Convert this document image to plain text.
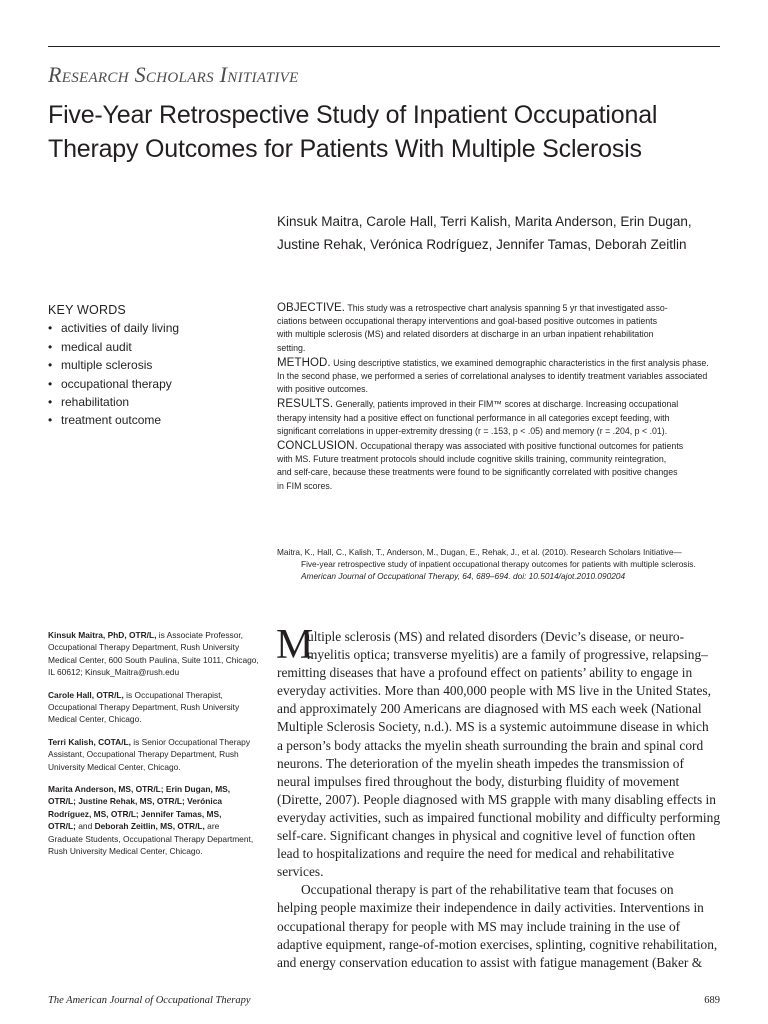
Research Scholars Initiative
Five-Year Retrospective Study of Inpatient Occupational
Therapy Outcomes for Patients With Multiple Sclerosis
Kinsuk Maitra, Carole Hall, Terri Kalish, Marita Anderson, Erin Dugan,
Justine Rehak, Verónica Rodríguez, Jennifer Tamas, Deborah Zeitlin
KEY WORDS
• activities of daily living
• medical audit
• multiple sclerosis
• occupational therapy
• rehabilitation
• treatment outcome
OBJECTIVE. This study was a retrospective chart analysis spanning 5 yr that investigated asso-
ciations between occupational therapy interventions and goal-based positive outcomes in patients
with multiple sclerosis (MS) and related disorders at discharge in an urban inpatient rehabilitation
setting.
METHOD. Using descriptive statistics, we examined demographic characteristics in the first analysis phase.
In the second phase, we performed a series of correlational analyses to identify treatment variables associated
with positive outcomes.
RESULTS. Generally, patients improved in their FIM™ scores at discharge. Increasing occupational
therapy intensity had a positive effect on functional performance in all categories except feeding, with
significant correlations in upper-extremity dressing (r = .153, p < .05) and memory (r = .204, p < .01).
CONCLUSION. Occupational therapy was associated with positive functional outcomes for patients
with MS. Future treatment protocols should include cognitive skills training, community reintegration,
and self-care, because these treatments were found to be significantly correlated with positive changes
in FIM scores.
Maitra, K., Hall, C., Kalish, T., Anderson, M., Dugan, E., Rehak, J., et al. (2010). Research Scholars Initiative—
Five-year retrospective study of inpatient occupational therapy outcomes for patients with multiple sclerosis.
American Journal of Occupational Therapy, 64, 689–694. doi: 10.5014/ajot.2010.090204
Kinsuk Maitra, PhD, OTR/L, is Associate Professor,
Occupational Therapy Department, Rush University
Medical Center, 600 South Paulina, Suite 1011, Chicago,
IL 60612; Kinsuk_Maitra@rush.edu
Carole Hall, OTR/L, is Occupational Therapist,
Occupational Therapy Department, Rush University
Medical Center, Chicago.
Terri Kalish, COTA/L, is Senior Occupational Therapy
Assistant, Occupational Therapy Department, Rush
University Medical Center, Chicago.
Marita Anderson, MS, OTR/L; Erin Dugan, MS,
OTR/L; Justine Rehak, MS, OTR/L; Verónica
Rodríguez, MS, OTR/L; Jennifer Tamas, MS,
OTR/L; and Deborah Zeitlin, MS, OTR/L, are
Graduate Students, Occupational Therapy Department,
Rush University Medical Center, Chicago.
M
ultiple sclerosis (MS) and related disorders (Devic’s disease, or neuro-
myelitis optica; transverse myelitis) are a family of progressive, relapsing–
remitting diseases that have a profound effect on patients’ ability to engage in
everyday activities. More than 400,000 people with MS live in the United States,
and approximately 200 Americans are diagnosed with MS each week (National
Multiple Sclerosis Society, n.d.). MS is a systemic autoimmune disease in which
a person’s body attacks the myelin sheath surrounding the brain and spinal cord
neurons. The deterioration of the myelin sheath impedes the transmission of
neural impulses fired throughout the body, disturbing fluidity of movement
(Dirette, 2007). People diagnosed with MS grapple with many disabling effects in
everyday activities, such as impaired functional mobility and difficulty performing
self-care. Significant changes in physical and cognitive level of function often
lead to hospitalizations and require the need for medical and rehabilitative
services.
Occupational therapy is part of the rehabilitative team that focuses on
helping people maximize their independence in daily activities. Interventions in
occupational therapy for people with MS may include training in the use of
adaptive equipment, range-of-motion exercises, splinting, cognitive rehabilitation,
and energy conservation education to assist with fatigue management (Baker &
The American Journal of Occupational Therapy	689
